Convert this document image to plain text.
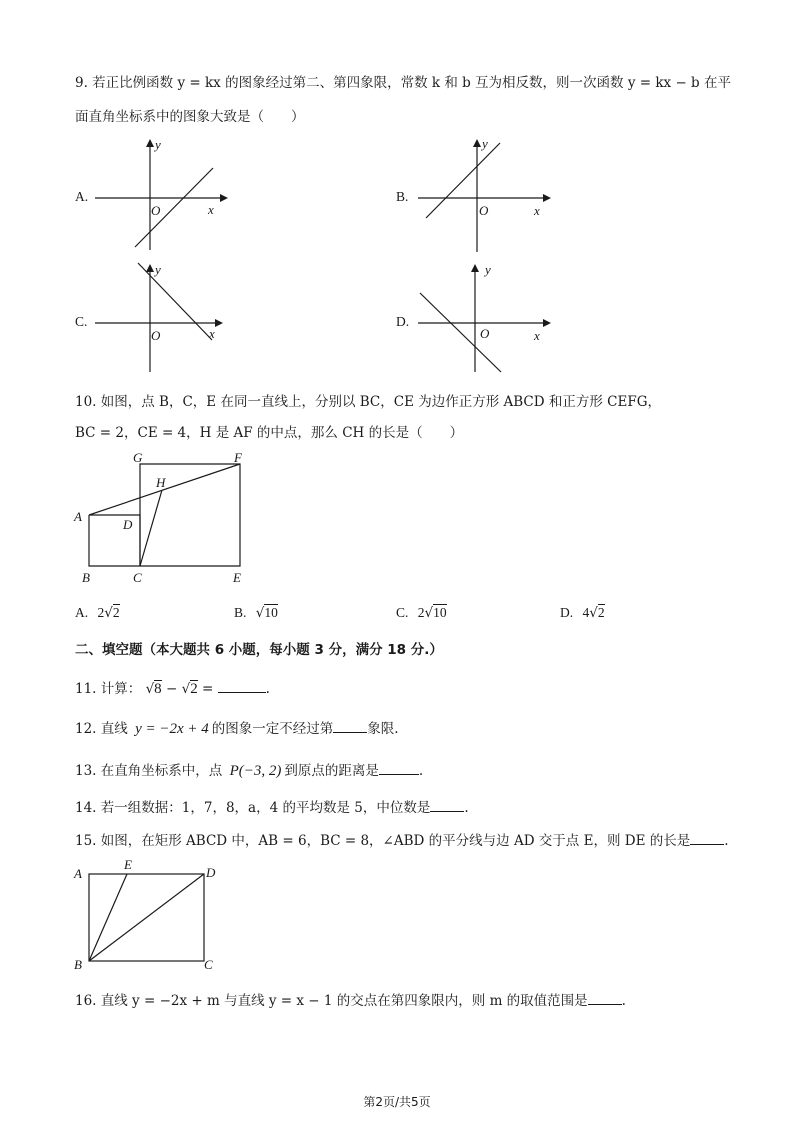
9. 若正比例函数 y = kx 的图象经过第二、第四象限，常数 k 和 b 互为相反数，则一次函数 y = kx − b 在平
面直角坐标系中的图象大致是（　　）
A.
y
x
O
B.
y
x
O
C.
y
x
O
D.
y
x
O
10. 如图，点 B，C，E 在同一直线上，分别以 BC，CE 为边作正方形 ABCD 和正方形 CEFG，
BC = 2，CE = 4，H 是 AF 的中点，那么 CH 的长是（　　）
G	F
H
A
D
B	C	E
A. 2√2	B. √10	C. 2√10	D. 4√2
二、填空题（本大题共 6 小题，每小题 3 分，满分 18 分.）
11. 计算： √8 − √2 =	.
12. 直线 y = −2x + 4 的图象一定不经过第	象限.
13. 在直角坐标系中，点 P(−3, 2) 到原点的距离是	.
14. 若一组数据：1，7，8，a，4 的平均数是 5，中位数是	.
15. 如图，在矩形 ABCD 中，AB = 6，BC = 8，∠ABD 的平分线与边 AD 交于点 E，则 DE 的长是	.
A
E
D
B	C
16. 直线 y = −2x + m 与直线 y = x − 1 的交点在第四象限内，则 m 的取值范围是	.
第2页/共5页
